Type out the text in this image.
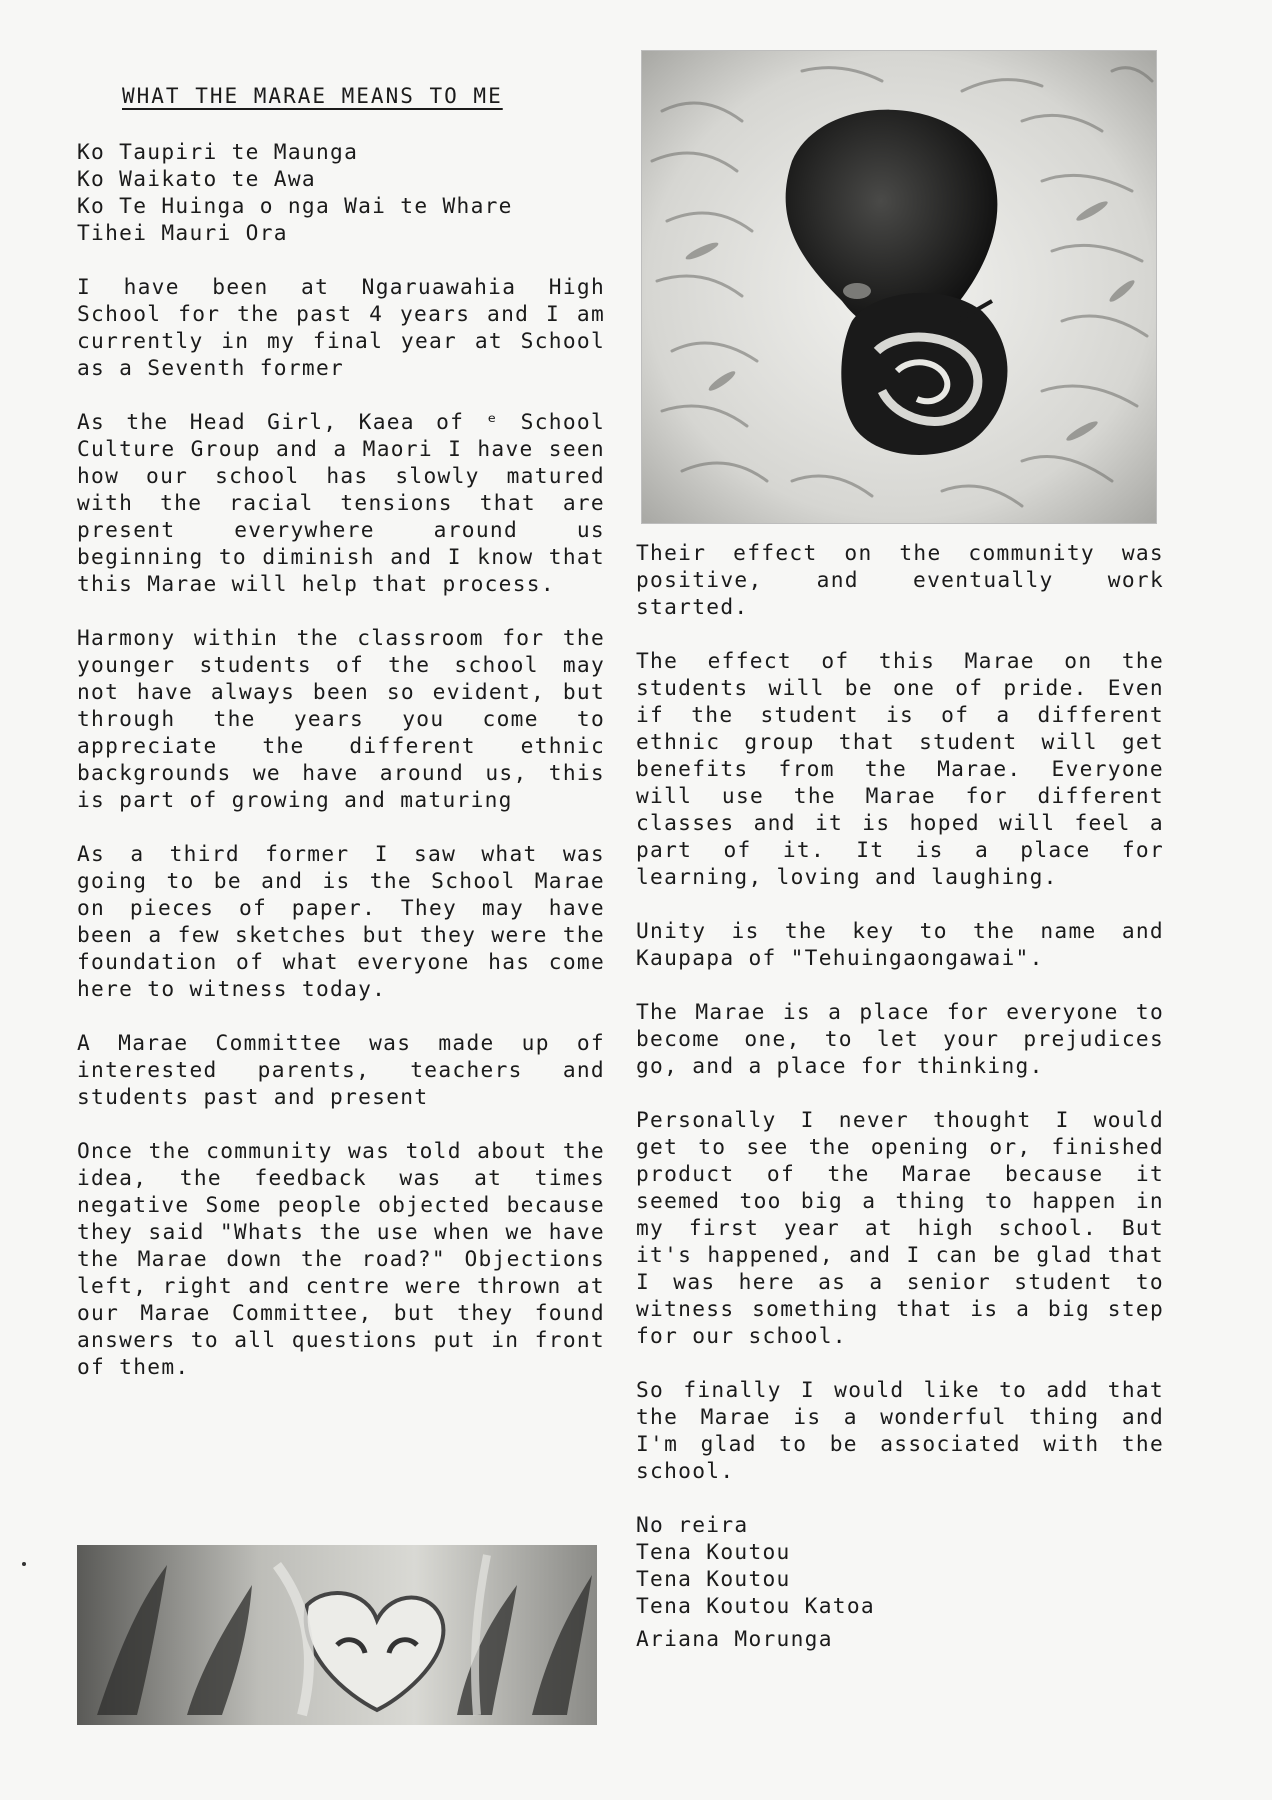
WHAT THE MARAE MEANS TO ME
Ko Taupiri te Maunga
Ko Waikato te Awa
Ko Te Huinga o nga Wai te Whare
Tihei Mauri Ora

I have been at Ngaruawahia High School for the past 4 years and I am currently in my final year at School as a Seventh former

As the Head Girl, Kaea of ᵉ School Culture Group and a Maori I have seen how our school has slowly matured with the racial tensions that are present everywhere around us beginning to diminish and I know that this Marae will help that process.

Harmony within the classroom for the younger students of the school may not have always been so evident, but through the years you come to appreciate the different ethnic backgrounds we have around us, this is part of growing and maturing

As a third former I saw what was going to be and is the School Marae on pieces of paper. They may have been a few sketches but they were the foundation of what everyone has come here to witness today.

A Marae Committee was made up of interested parents, teachers and students past and present

Once the community was told about the idea, the feedback was at times negative Some people objected because they said "Whats the use when we have the Marae down the road?" Objections left, right and centre were thrown at our Marae Committee, but they found answers to all questions put in front of them.

Their effect on the community was positive, and eventually work started.

The effect of this Marae on the students will be one of pride. Even if the student is of a different ethnic group that student will get benefits from the Marae. Everyone will use the Marae for different classes and it is hoped will feel a part of it. It is a place for learning, loving and laughing.

Unity is the key to the name and Kaupapa of "Tehuingaongawai".

The Marae is a place for everyone to become one, to let your prejudices go, and a place for thinking.

Personally I never thought I would get to see the opening or, finished product of the Marae because it seemed too big a thing to happen in my first year at high school. But it's happened, and I can be glad that I was here as a senior student to witness something that is a big step for our school.

So finally I would like to add that the Marae is a wonderful thing and I'm glad to be associated with the school.

No reira
Tena Koutou
Tena Koutou
Tena Koutou Katoa
Ariana Morunga
